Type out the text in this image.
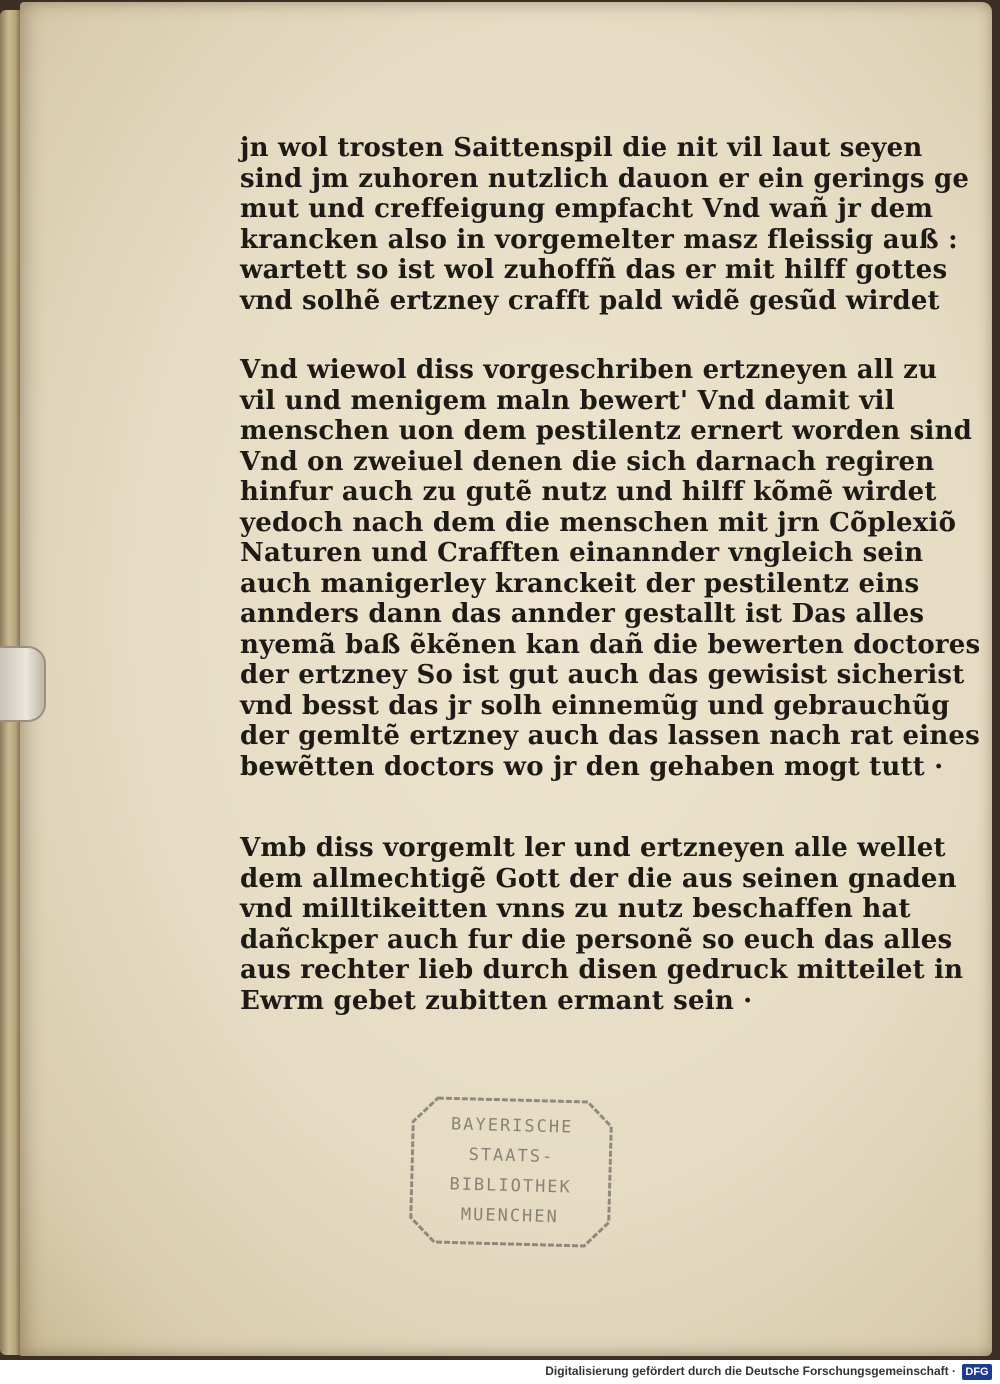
jn wol trosten Saittenspil die nit vil laut seyen
sind jm zuhoren nutzlich dauon er ein gerings ge
mut und creffeigung empfacht Vnd wañ jr dem
krancken also in vorgemelter masz fleissig auß :
wartett so ist wol zuhoffñ das er mit hilff gottes
vnd solhẽ ertzney crafft pald widẽ gesũd wirdet

Vnd wiewol diss vorgeschriben ertzneyen all zu
vil und menigem maln bewert' Vnd damit vil
menschen uon dem pestilentz ernert worden sind
Vnd on zweiuel denen die sich darnach regiren
hinfur auch zu gutẽ nutz und hilff kõmẽ wirdet
yedoch nach dem die menschen mit jrn Cõplexiõ
Naturen und Crafften einannder vngleich sein
auch manigerley kranckeit der pestilentz eins
annders dann das annder gestallt ist Das alles
nyemã baß ẽkẽnen kan dañ die bewerten doctores
der ertzney So ist gut auch das gewisist sicherist
vnd besst das jr solh einnemũg und gebrauchũg
der gemltẽ ertzney auch das lassen nach rat eines
bewẽtten doctors wo jr den gehaben mogt tutt ·

Vmb diss vorgemlt ler und ertzneyen alle wellet
dem allmechtigẽ Gott der die aus seinen gnaden
vnd milltikeitten vnns zu nutz beschaffen hat
dañckper auch fur die personẽ so euch das alles
aus rechter lieb durch disen gedruck mitteilet in
Ewrm gebet zubitten ermant sein ·

BAYERISCHE
STAATS-
BIBLIOTHEK
MUENCHEN
Digitalisierung gefördert durch die Deutsche Forschungsgemeinschaft · DFG
